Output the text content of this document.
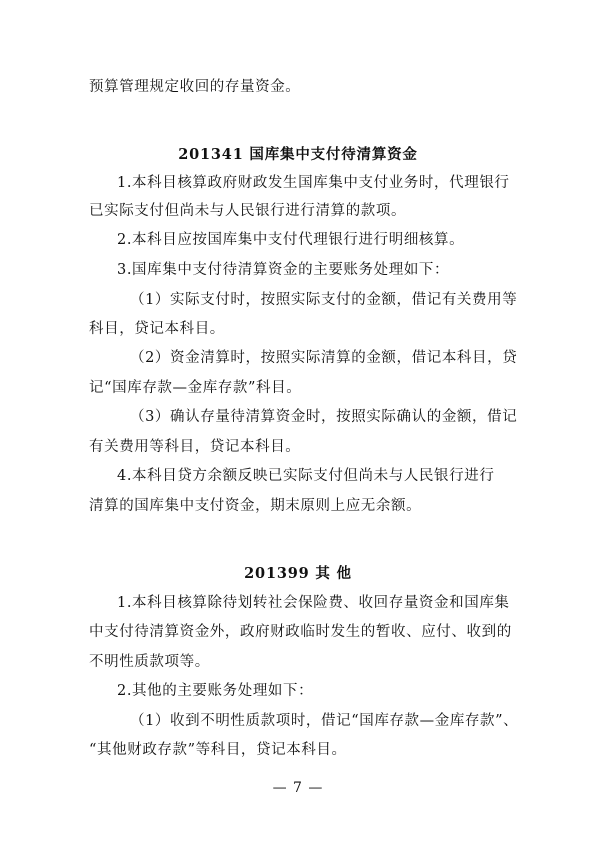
预算管理规定收回的存量资金。
201341 国库集中支付待清算资金
1.本科目核算政府财政发生国库集中支付业务时，代理银行
已实际支付但尚未与人民银行进行清算的款项。
2.本科目应按国库集中支付代理银行进行明细核算。
3.国库集中支付待清算资金的主要账务处理如下：
（1）实际支付时，按照实际支付的金额，借记有关费用等
科目，贷记本科目。
（2）资金清算时，按照实际清算的金额，借记本科目，贷
记“国库存款—金库存款”科目。
（3）确认存量待清算资金时，按照实际确认的金额，借记
有关费用等科目，贷记本科目。
4.本科目贷方余额反映已实际支付但尚未与人民银行进行
清算的国库集中支付资金，期末原则上应无余额。
201399 其 他
1.本科目核算除待划转社会保险费、收回存量资金和国库集
中支付待清算资金外，政府财政临时发生的暂收、应付、收到的
不明性质款项等。
2.其他的主要账务处理如下：
（1）收到不明性质款项时，借记“国库存款—金库存款”、
“其他财政存款”等科目，贷记本科目。
— 7 —
